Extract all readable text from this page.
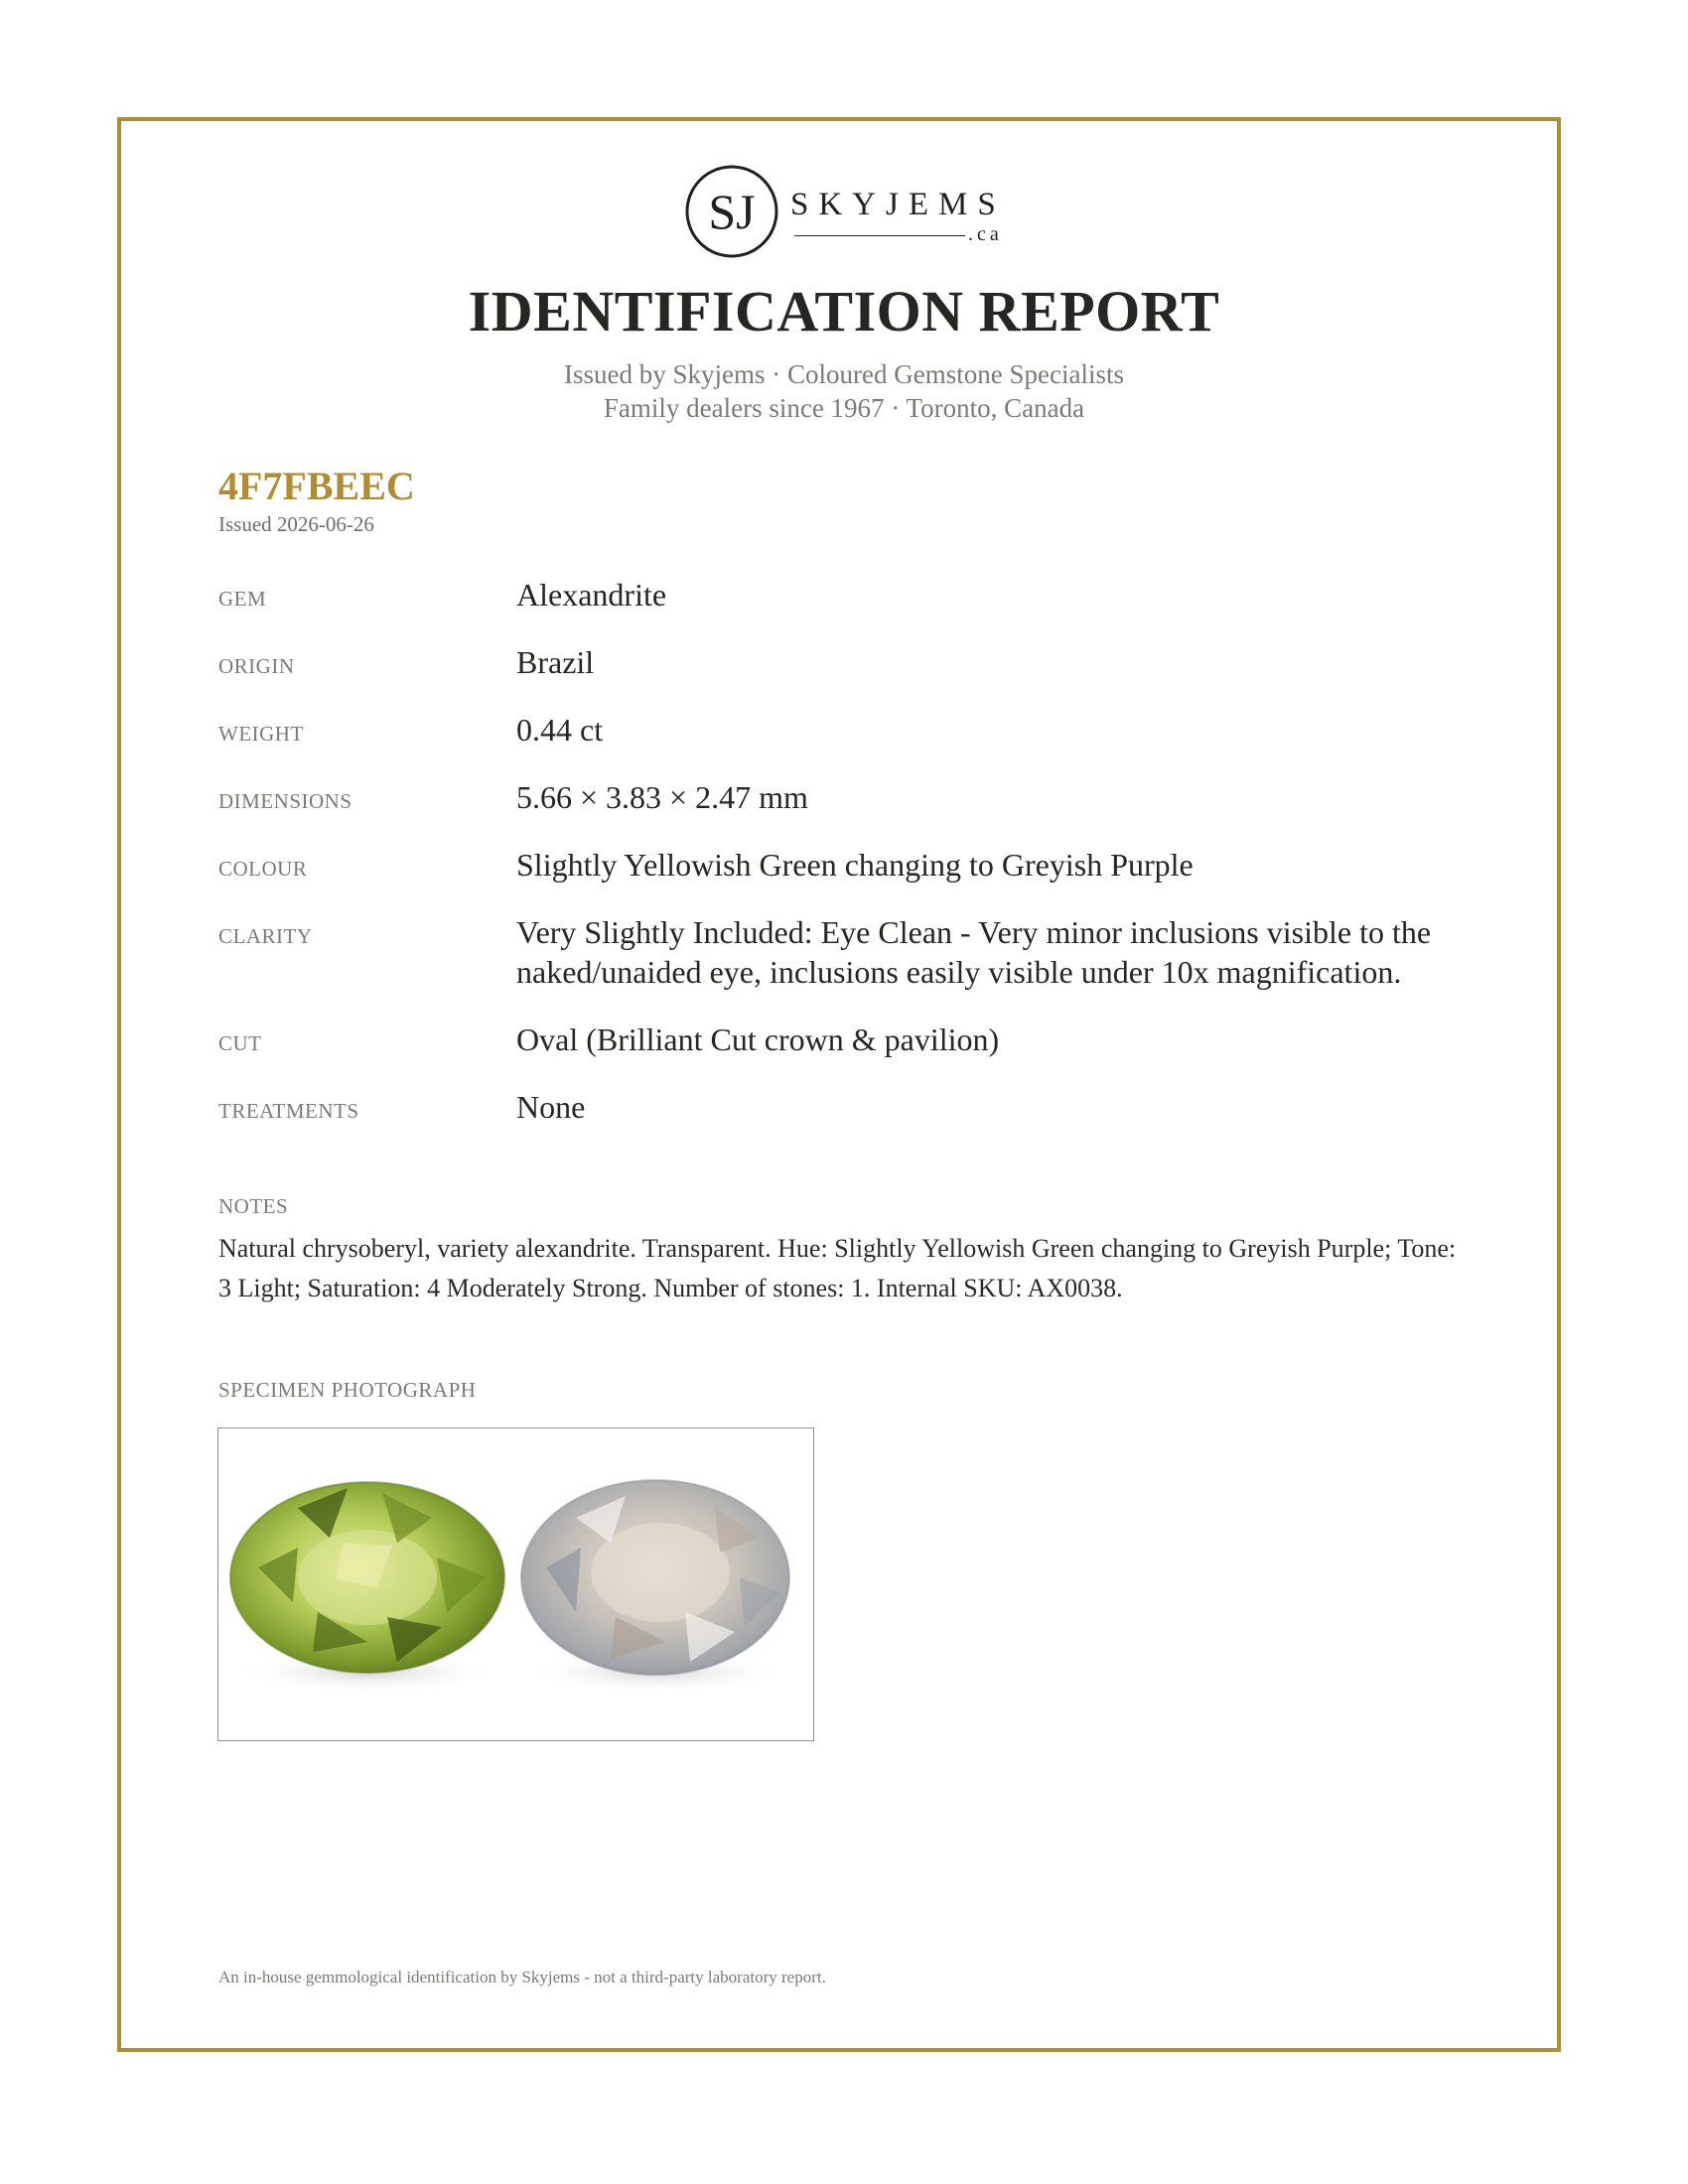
SJ SKYJEMS
.ca
IDENTIFICATION REPORT
Issued by Skyjems · Coloured Gemstone Specialists
Family dealers since 1967 · Toronto, Canada
4F7FBEEC
Issued 2026-06-26
GEM	Alexandrite
ORIGIN	Brazil
WEIGHT	0.44 ct
DIMENSIONS	5.66 × 3.83 × 2.47 mm
COLOUR	Slightly Yellowish Green changing to Greyish Purple
CLARITY	Very Slightly Included: Eye Clean - Very minor inclusions visible to the naked/unaided eye, inclusions easily visible under 10x magnification.
CUT	Oval (Brilliant Cut crown & pavilion)
TREATMENTS	None
NOTES
Natural chrysoberyl, variety alexandrite. Transparent. Hue: Slightly Yellowish Green changing to Greyish Purple; Tone: 3 Light; Saturation: 4 Moderately Strong. Number of stones: 1. Internal SKU: AX0038.
SPECIMEN PHOTOGRAPH
An in-house gemmological identification by Skyjems - not a third-party laboratory report.
